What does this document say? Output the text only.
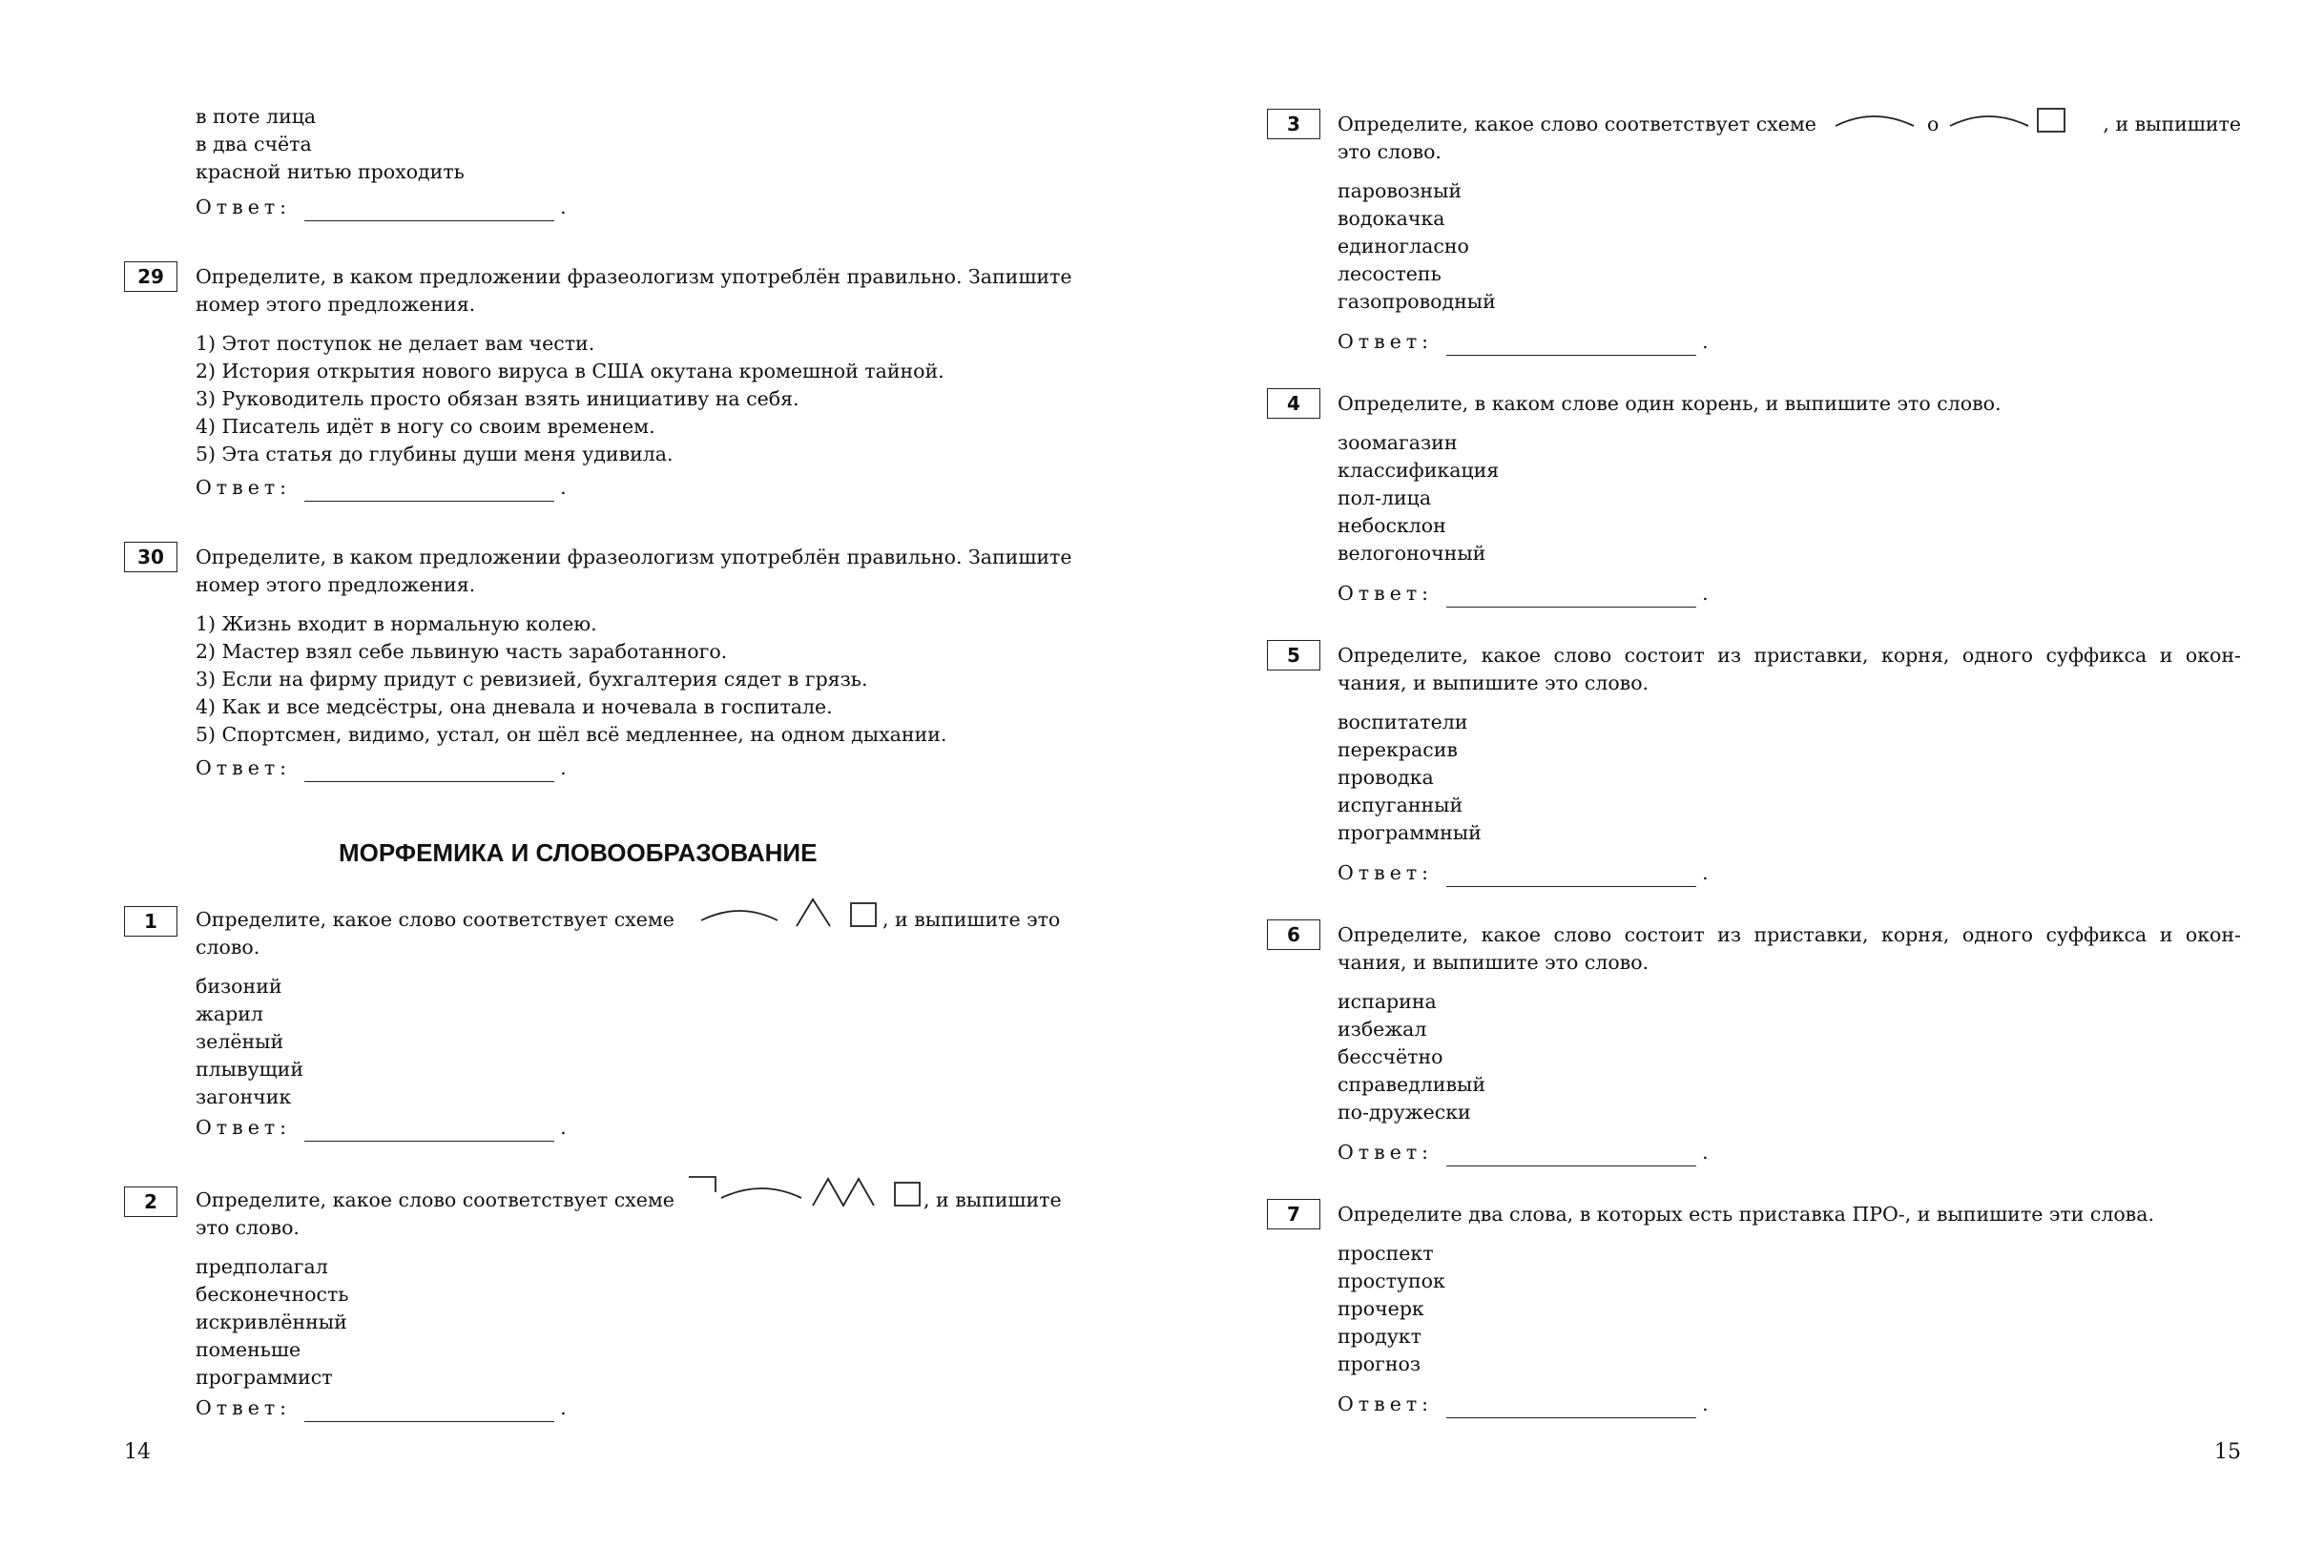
в поте лица
в два счёта
красной нитью проходить
Ответ:	.
29	Определите, в каком предложении фразеологизм употреблён правильно. Запишите
номер этого предложения.
1) Этот поступок не делает вам чести.
2) История открытия нового вируса в США окутана кромешной тайной.
3) Руководитель просто обязан взять инициативу на себя.
4) Писатель идёт в ногу со своим временем.
5) Эта статья до глубины души меня удивила.
Ответ:	.
30	Определите, в каком предложении фразеологизм употреблён правильно. Запишите
номер этого предложения.
1) Жизнь входит в нормальную колею.
2) Мастер взял себе львиную часть заработанного.
3) Если на фирму придут с ревизией, бухгалтерия сядет в грязь.
4) Как и все медсёстры, она дневала и ночевала в госпитале.
5) Спортсмен, видимо, устал, он шёл всё медленнее, на одном дыхании.
Ответ:	.
МОРФЕМИКА И СЛОВООБРАЗОВАНИЕ
1	Определите, какое слово соответствует схеме	, и выпишите это
слово.
бизоний
жарил
зелёный
плывущий
загончик
Ответ:	.
2	Определите, какое слово соответствует схеме	, и выпишите
это слово.
предполагал
бесконечность
искривлённый
поменьше
программист
Ответ:	.
14
3	Определите, какое слово соответствует схеме	о	, и выпишите
это слово.
паровозный
водокачка
единогласно
лесостепь
газопроводный
Ответ:	.
4	Определите, в каком слове один корень, и выпишите это слово.
зоомагазин
классификация
пол-лица
небосклон
велогоночный
Ответ:	.
5	Определите, какое слово состоит из приставки, корня, одного суффикса и окон-
чания, и выпишите это слово.
воспитатели
перекрасив
проводка
испуганный
программный
Ответ:	.
6	Определите, какое слово состоит из приставки, корня, одного суффикса и окон-
чания, и выпишите это слово.
испарина
избежал
бессчётно
справедливый
по-дружески
Ответ:	.
7	Определите два слова, в которых есть приставка ПРО-, и выпишите эти слова.
проспект
проступок
прочерк
продукт
прогноз
Ответ:	.
15
